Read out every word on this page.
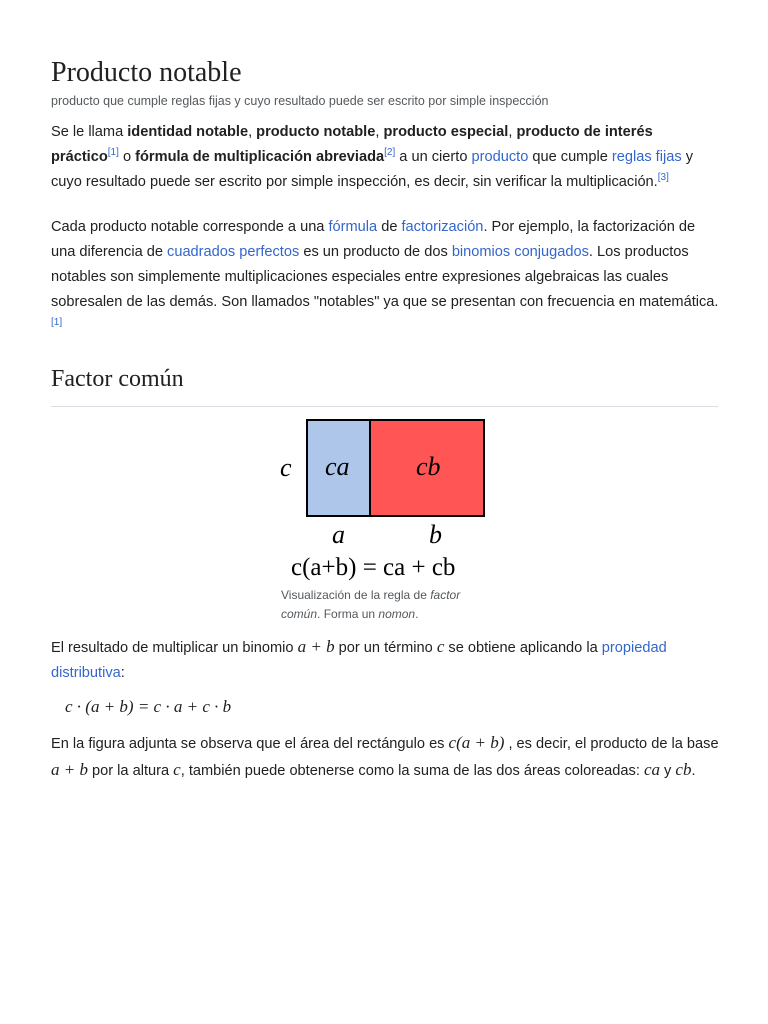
Producto notable
producto que cumple reglas fijas y cuyo resultado puede ser escrito por simple inspección

Se le llama identidad notable, producto notable, producto especial, producto de interés práctico[1] o fórmula de multiplicación abreviada[2] a un cierto producto que cumple reglas fijas y cuyo resultado puede ser escrito por simple inspección, es decir, sin verificar la multiplicación.[3]

Cada producto notable corresponde a una fórmula de factorización. Por ejemplo, la factorización de una diferencia de cuadrados perfectos es un producto de dos binomios conjugados. Los productos notables son simplemente multiplicaciones especiales entre expresiones algebraicas las cuales sobresalen de las demás. Son llamados "notables" ya que se presentan con frecuencia en matemática.[1]

Factor común
c ca	cb
a	b
c(a+b) = ca + cb
Visualización de la regla de factor común. Forma un nomon.

El resultado de multiplicar un binomio a + b por un término c se obtiene aplicando la propiedad distributiva:

c · (a + b) = c · a + c · b

En la figura adjunta se observa que el área del rectángulo es c(a + b) , es decir, el producto de la base a + b por la altura c, también puede obtenerse como la suma de las dos áreas coloreadas: ca y cb.
